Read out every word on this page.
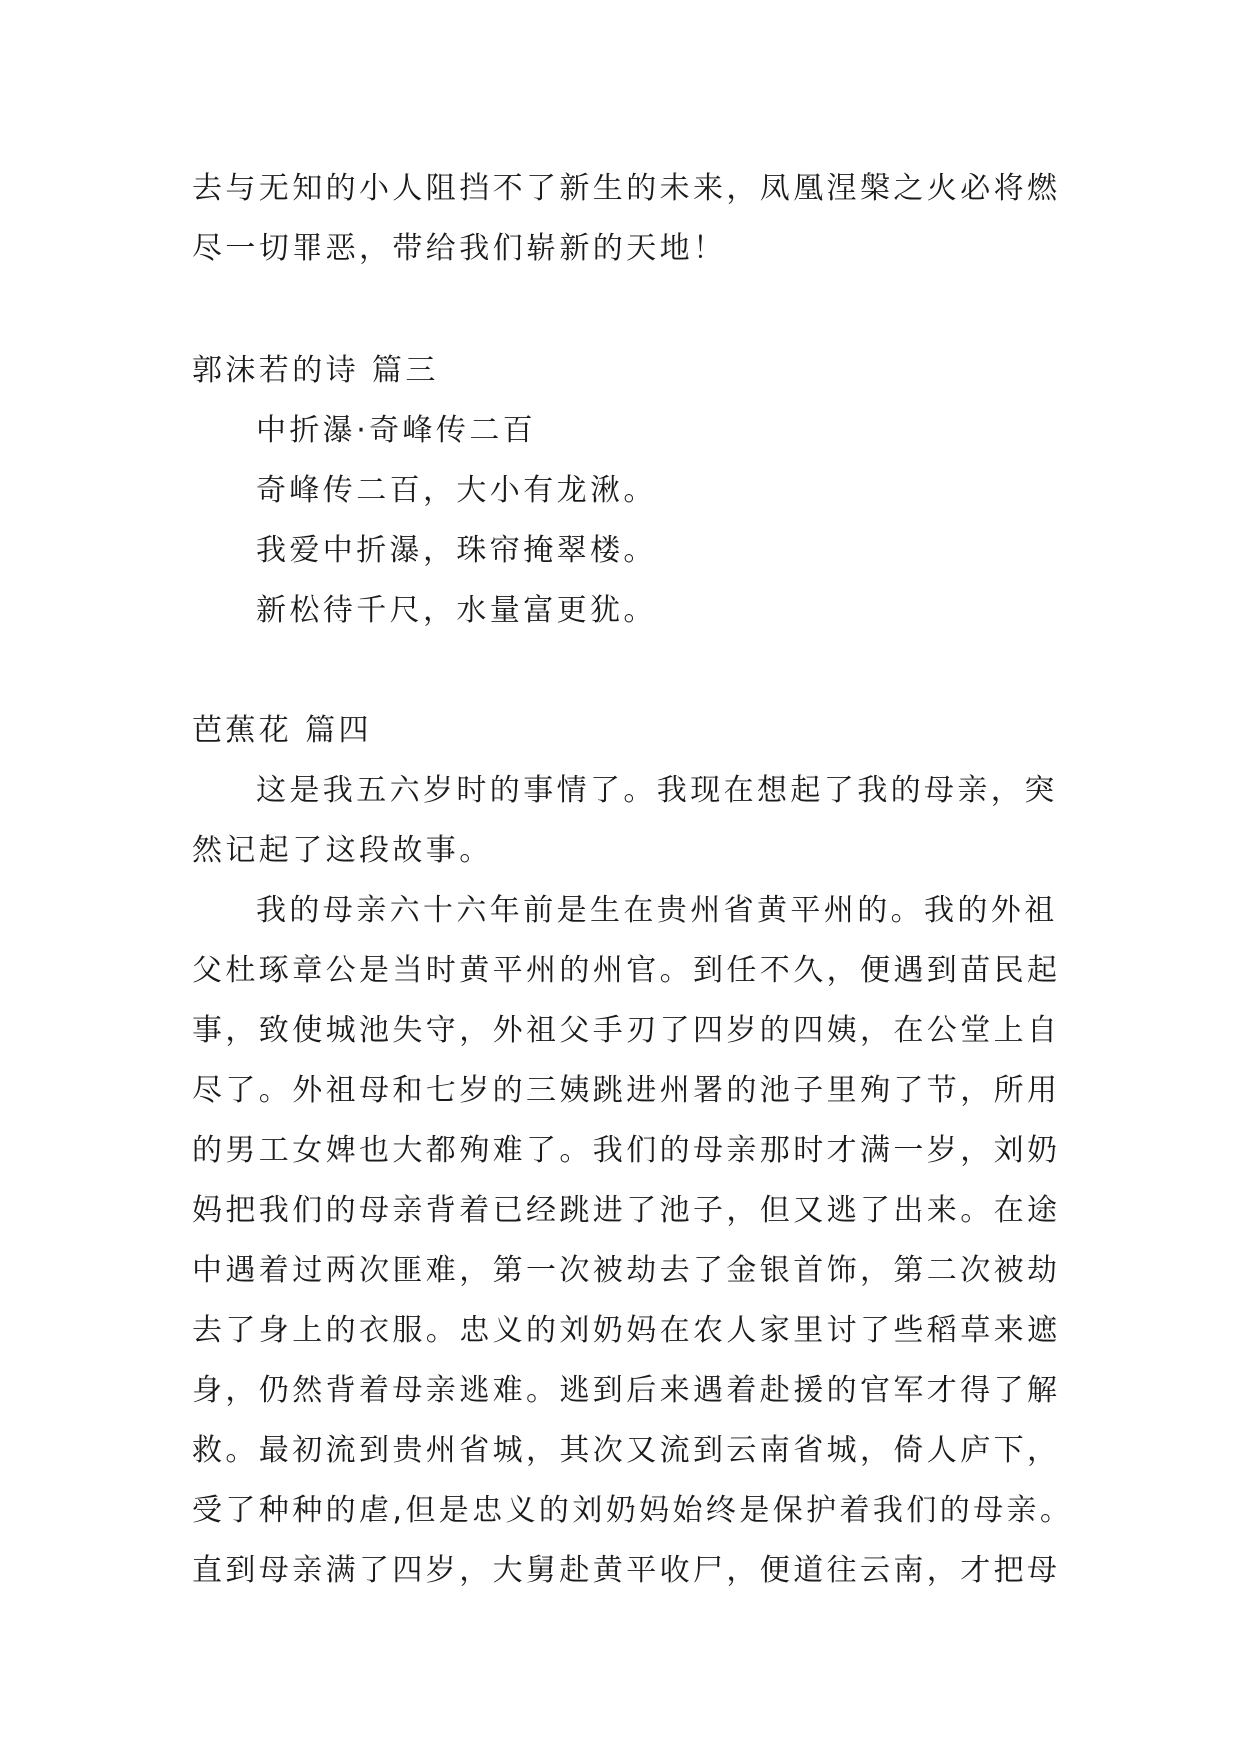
去与无知的小人阻挡不了新生的未来，凤凰涅槃之火必将燃
尽一切罪恶，带给我们崭新的天地！
郭沫若的诗 篇三
中折瀑·奇峰传二百
奇峰传二百，大小有龙湫。
我爱中折瀑，珠帘掩翠楼。
新松待千尺，水量富更犹。
芭蕉花 篇四
这是我五六岁时的事情了。我现在想起了我的母亲，突
然记起了这段故事。
我的母亲六十六年前是生在贵州省黄平州的。我的外祖
父杜琢章公是当时黄平州的州官。到任不久，便遇到苗民起
事，致使城池失守，外祖父手刃了四岁的四姨，在公堂上自
尽了。外祖母和七岁的三姨跳进州署的池子里殉了节，所用
的男工女婢也大都殉难了。我们的母亲那时才满一岁，刘奶
妈把我们的母亲背着已经跳进了池子，但又逃了出来。在途
中遇着过两次匪难，第一次被劫去了金银首饰，第二次被劫
去了身上的衣服。忠义的刘奶妈在农人家里讨了些稻草来遮
身，仍然背着母亲逃难。逃到后来遇着赴援的官军才得了解
救。最初流到贵州省城，其次又流到云南省城，倚人庐下，
受了种种的虐,但是忠义的刘奶妈始终是保护着我们的母亲。
直到母亲满了四岁，大舅赴黄平收尸，便道往云南，才把母
